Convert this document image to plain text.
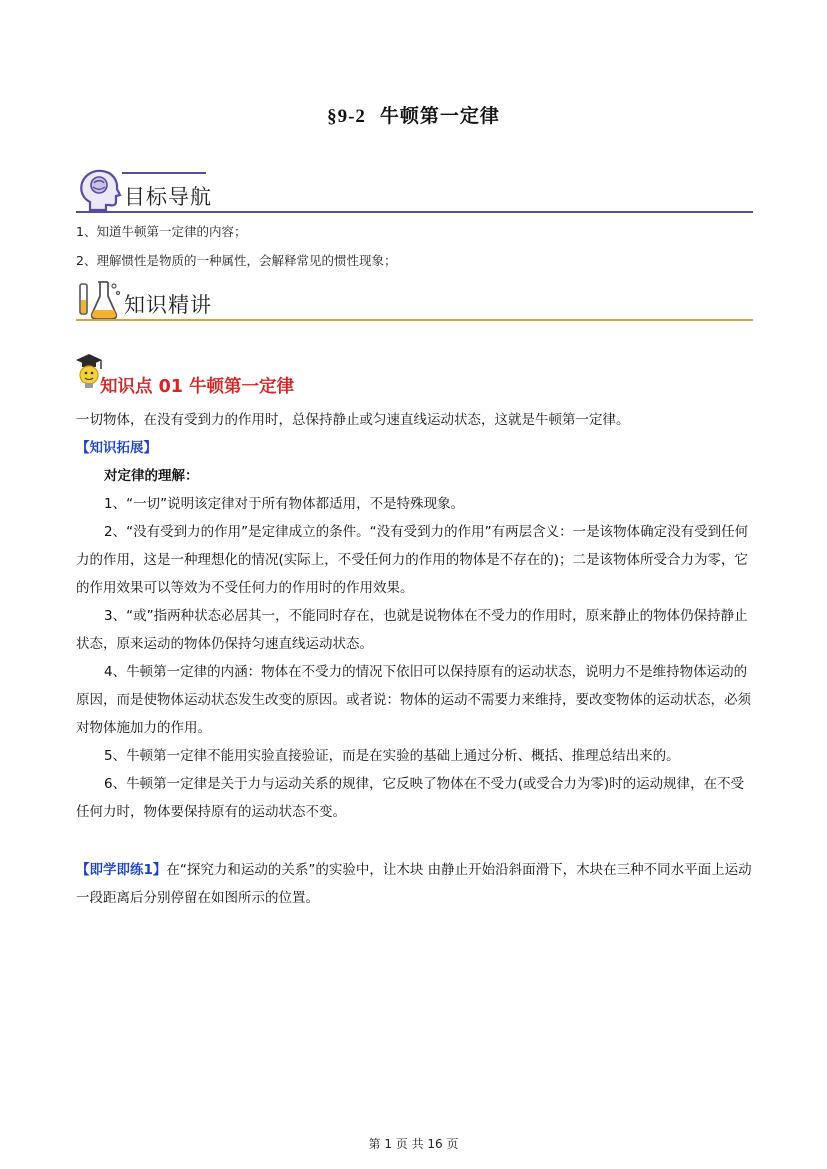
§9-2 牛顿第一定律
目标导航
1、知道牛顿第一定律的内容；
2、理解惯性是物质的一种属性，会解释常见的惯性现象；
知识精讲
知识点 01 牛顿第一定律
一切物体，在没有受到力的作用时，总保持静止或匀速直线运动状态，这就是牛顿第一定律。
【知识拓展】
对定律的理解：
1、“一切”说明该定律对于所有物体都适用，不是特殊现象。
2、“没有受到力的作用”是定律成立的条件。“没有受到力的作用”有两层含义：一是该物体确定没有受到任何力的作用，这是一种理想化的情况(实际上，不受任何力的作用的物体是不存在的)；二是该物体所受合力为零，它的作用效果可以等效为不受任何力的作用时的作用效果。
3、“或”指两种状态必居其一，不能同时存在，也就是说物体在不受力的作用时，原来静止的物体仍保持静止状态，原来运动的物体仍保持匀速直线运动状态。
4、牛顿第一定律的内涵：物体在不受力的情况下依旧可以保持原有的运动状态，说明力不是维持物体运动的原因，而是使物体运动状态发生改变的原因。或者说：物体的运动不需要力来维持，要改变物体的运动状态，必须对物体施加力的作用。
5、牛顿第一定律不能用实验直接验证，而是在实验的基础上通过分析、概括、推理总结出来的。
6、牛顿第一定律是关于力与运动关系的规律，它反映了物体在不受力(或受合力为零)时的运动规律，在不受任何力时，物体要保持原有的运动状态不变。
【即学即练1】在“探究力和运动的关系”的实验中，让木块 由静止开始沿斜面滑下，木块在三种不同水平面上运动 一段距离后分别停留在如图所示的位置。
第 1 页 共 16 页
